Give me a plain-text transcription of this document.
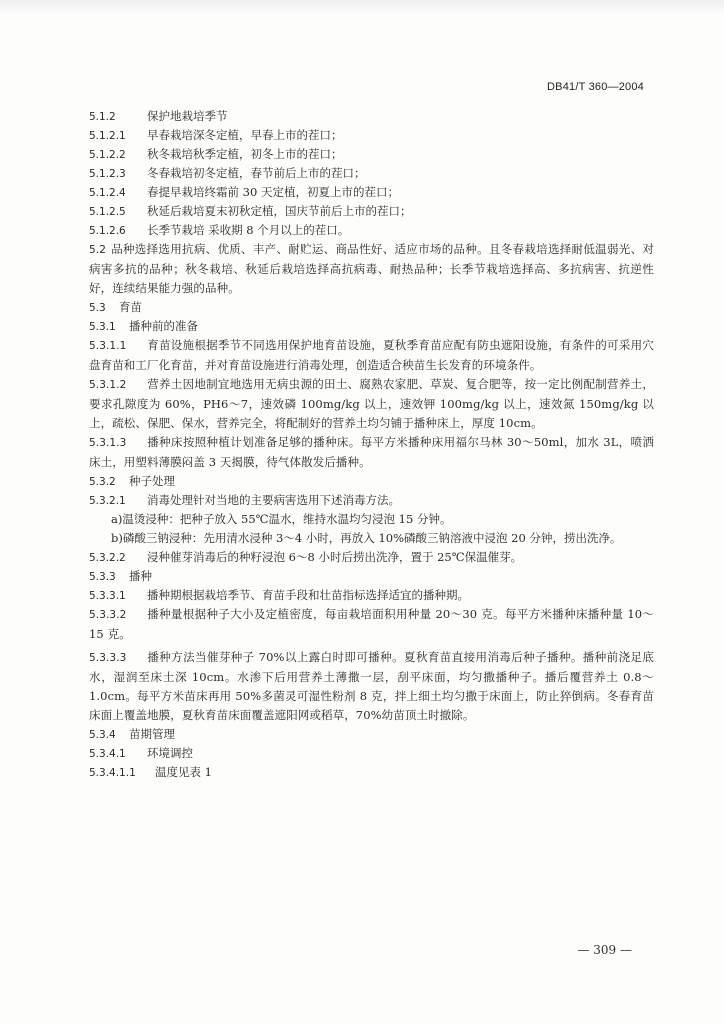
DB41/T 360—2004
5.1.2	保护地栽培季节
5.1.2.1 早春栽培深冬定植，早春上市的茬口；
5.1.2.2 秋冬栽培秋季定植，初冬上市的茬口；
5.1.2.3 冬春栽培初冬定植，春节前后上市的茬口；
5.1.2.4 春提早栽培终霜前 30 天定植，初夏上市的茬口；
5.1.2.5 秋延后栽培夏末初秋定植，国庆节前后上市的茬口；
5.1.2.6 长季节栽培 采收期 8 个月以上的茬口。
5.2 品种选择选用抗病、优质、丰产、耐贮运、商品性好、适应市场的品种。且冬春栽培选择耐低温弱光、对病害多抗的品种；秋冬栽培、秋延后栽培选择高抗病毒、耐热品种；长季节栽培选择高、多抗病害、抗逆性好，连续结果能力强的品种。
5.3 育苗
5.3.1 播种前的准备
5.3.1.1 育苗设施根据季节不同选用保护地育苗设施，夏秋季育苗应配有防虫遮阳设施，有条件的可采用穴盘育苗和工厂化育苗，并对育苗设施进行消毒处理，创造适合秧苗生长发育的环境条件。
5.3.1.2 营养土因地制宜地选用无病虫源的田土、腐熟农家肥、草炭、复合肥等，按一定比例配制营养土，要求孔隙度为 60%，PH6～7，速效磷 100mg/kg 以上，速效钾 100mg/kg 以上，速效氮 150mg/kg 以上，疏松、保肥、保水，营养完全，将配制好的营养土均匀铺于播种床上，厚度 10cm。
5.3.1.3 播种床按照种植计划准备足够的播种床。每平方米播种床用福尔马林 30～50ml，加水 3L，喷洒床土，用塑料薄膜闷盖 3 天揭膜，待气体散发后播种。
5.3.2 种子处理
5.3.2.1 消毒处理针对当地的主要病害选用下述消毒方法。
a)温烫浸种：把种子放入 55℃温水，维持水温均匀浸泡 15 分钟。
b)磷酸三钠浸种：先用清水浸种 3～4 小时，再放入 10%磷酸三钠溶液中浸泡 20 分钟，捞出洗净。
5.3.2.2 浸种催芽消毒后的种籽浸泡 6～8 小时后捞出洗净，置于 25℃保温催芽。
5.3.3 播种
5.3.3.1 播种期根据栽培季节、育苗手段和壮苗指标选择适宜的播种期。
5.3.3.2 播种量根据种子大小及定植密度，每亩栽培面积用种量 20～30 克。每平方米播种床播种量 10～15 克。
5.3.3.3 播种方法当催芽种子 70%以上露白时即可播种。夏秋育苗直接用消毒后种子播种。播种前浇足底水，湿润至床土深 10cm。水渗下后用营养土薄撒一层，刮平床面，均匀撒播种子。播后覆营养土 0.8～1.0cm。每平方米苗床再用 50%多菌灵可湿性粉剂 8 克，拌上细土均匀撒于床面上，防止猝倒病。冬春育苗床面上覆盖地膜，夏秋育苗床面覆盖遮阳网或稻草，70%幼苗顶土时撤除。
5.3.4 苗期管理
5.3.4.1 环境调控
5.3.4.1.1 温度见表 1
— 309 —
